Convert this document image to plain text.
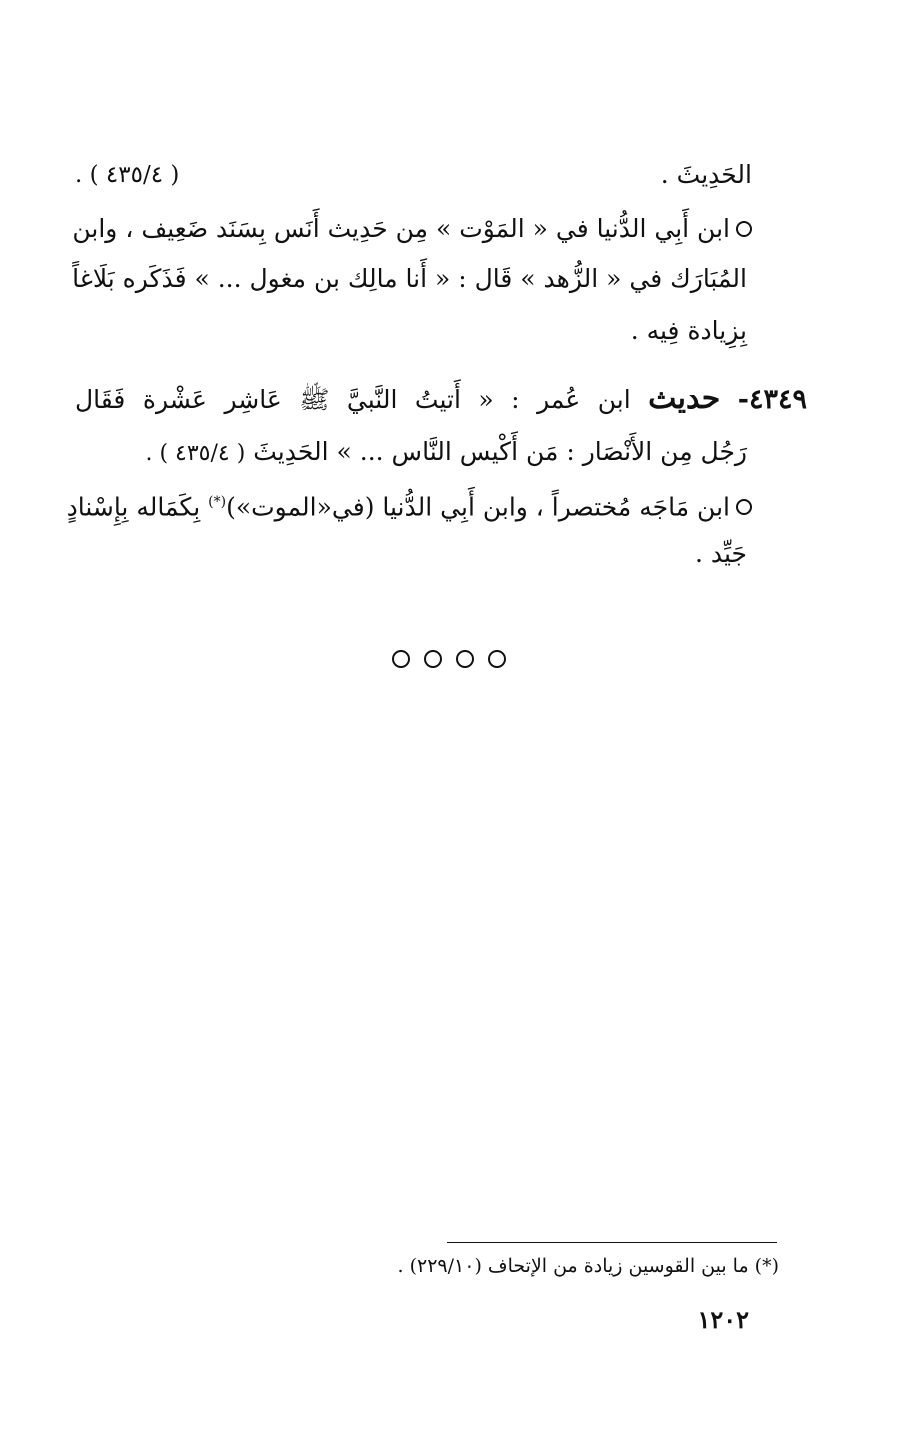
الحَدِيثَ .
( ٤٣٥/٤ ) .
ابن أَبِي الدُّنيا في « المَوْت » مِن حَدِيث أَنَس بِسَنَد ضَعِيف ، وابن
المُبَارَك في « الزُّهد » قَال : « أَنا مالِك بن مغول ... » فَذَكَره بَلَاغاً
بِزِيادة فِيه .
٤٣٤٩- حديث ابن عُمر : « أَتيتُ النَّبيَّ ﷺ عَاشِر عَشْرة فَقَال
رَجُل مِن الأَنْصَار : مَن أَكْيس النَّاس ... » الحَدِيثَ ( ٤٣٥/٤ ) .
ابن مَاجَه مُختصراً ، وابن أَبِي الدُّنيا (في«الموت»)(*) بِكَمَاله بِإِسْنادٍ
جَيِّد .
(*) ما بين القوسين زيادة من الإتحاف (٢٢٩/١٠) .
١٢٠٢
